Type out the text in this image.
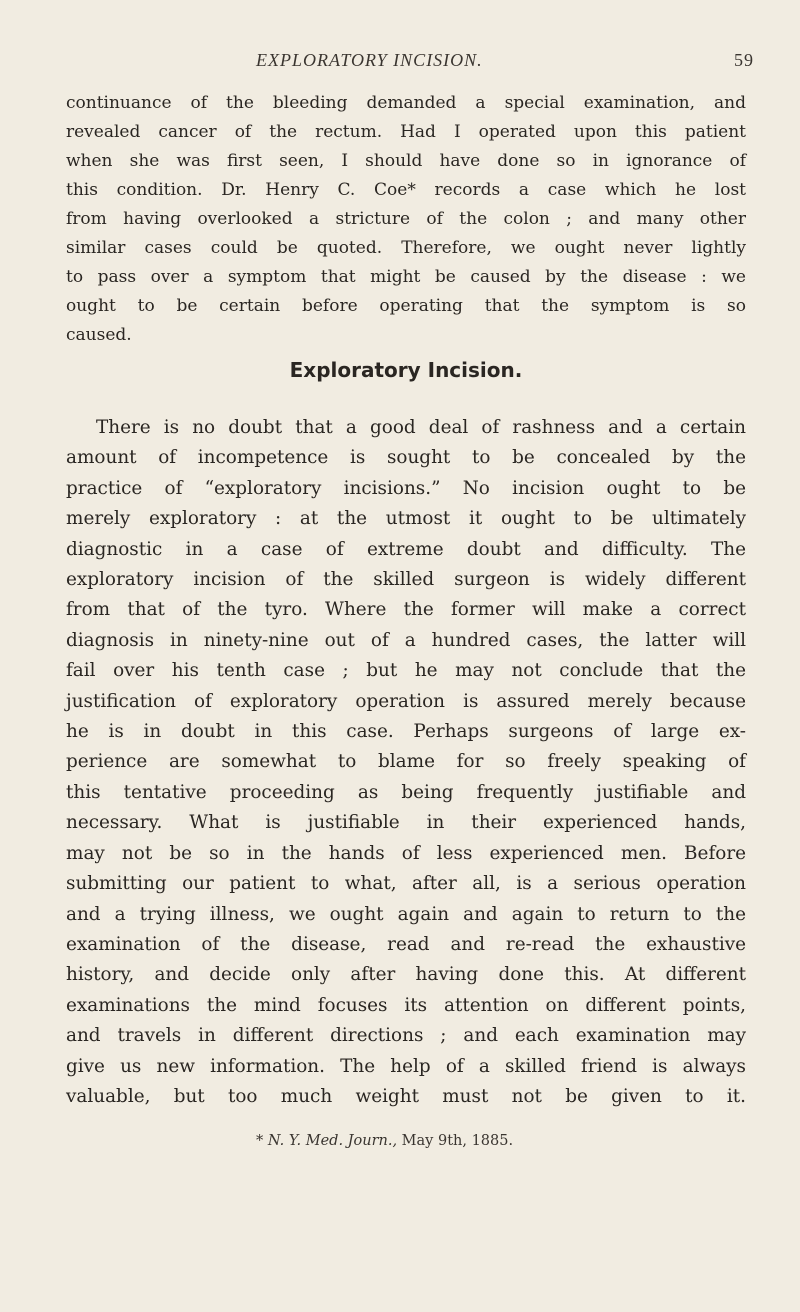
EXPLORATORY INCISION.	59

continuance of the bleeding demanded a special examination, and
revealed cancer of the rectum. Had I operated upon this patient
when she was first seen, I should have done so in ignorance of
this condition. Dr. Henry C. Coe* records a case which he lost
from having overlooked a stricture of the colon ; and many other
similar cases could be quoted. Therefore, we ought never lightly
to pass over a symptom that might be caused by the disease : we
ought to be certain before operating that the symptom is so
caused.

Exploratory Incision.

There is no doubt that a good deal of rashness and a certain
amount of incompetence is sought to be concealed by the
practice of “exploratory incisions.” No incision ought to be
merely exploratory : at the utmost it ought to be ultimately
diagnostic in a case of extreme doubt and difficulty. The
exploratory incision of the skilled surgeon is widely different
from that of the tyro. Where the former will make a correct
diagnosis in ninety-nine out of a hundred cases, the latter will
fail over his tenth case ; but he may not conclude that the
justification of exploratory operation is assured merely because
he is in doubt in this case. Perhaps surgeons of large ex-
perience are somewhat to blame for so freely speaking of
this tentative proceeding as being frequently justifiable and
necessary. What is justifiable in their experienced hands,
may not be so in the hands of less experienced men. Before
submitting our patient to what, after all, is a serious operation
and a trying illness, we ought again and again to return to the
examination of the disease, read and re-read the exhaustive
history, and decide only after having done this. At different
examinations the mind focuses its attention on different points,
and travels in different directions ; and each examination may
give us new information. The help of a skilled friend is always
valuable, but too much weight must not be given to it.

* N. Y. Med. Journ., May 9th, 1885.
